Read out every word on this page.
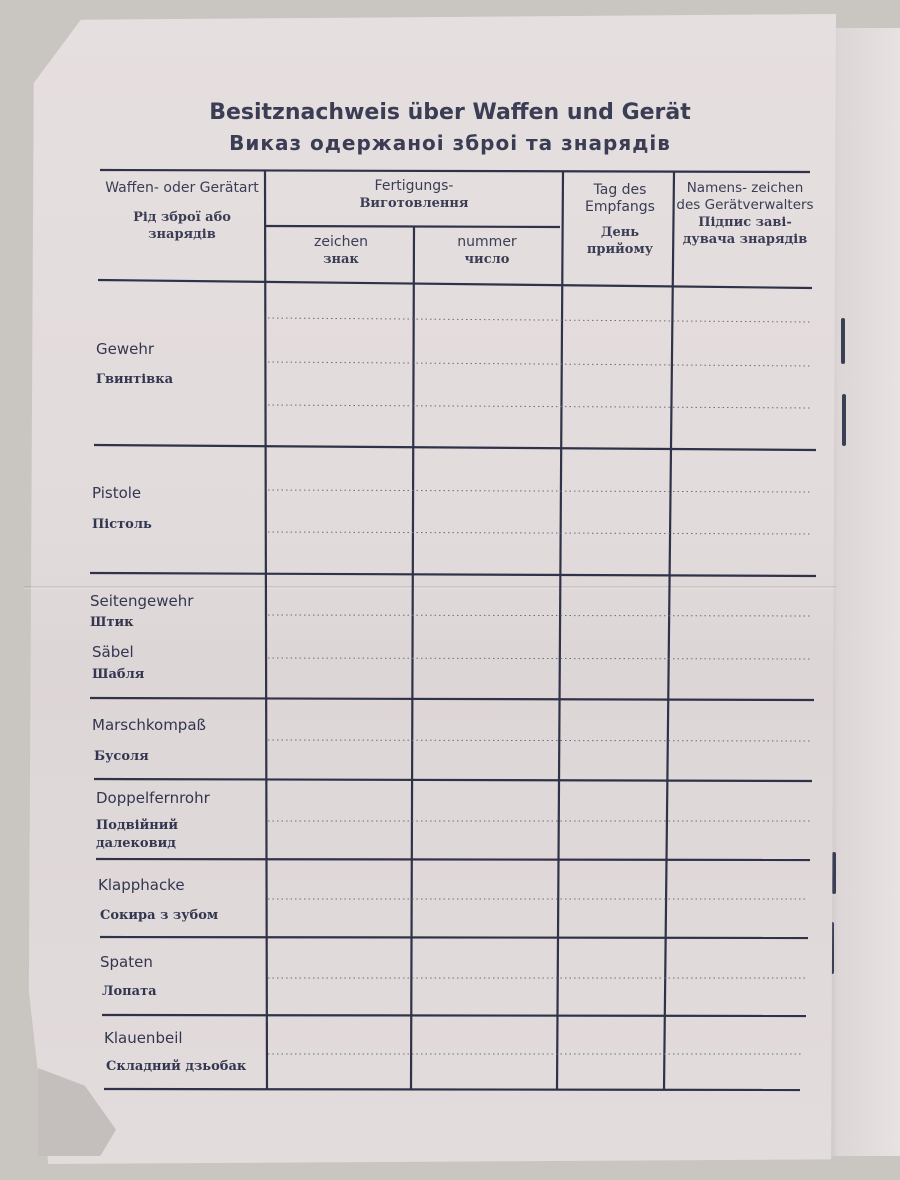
Besitznachweis über Waffen und Gerät
Виказ одержаноі зброі та знарядів
Waffen- oder Gerätart
Рід зброї або знарядів
Fertigungs-
Виготовлення
zeichen
знак
nummer
число
Tag des Empfangs
День прийому
Namens- zeichen des Gerätverwalters
Підпис заві- дувача знарядів
Gewehr
Гвинтівка
Pistole
Пістоль
Seitengewehr
Штик
Säbel
Шабля
Marschkompaß
Бусоля
Doppelfernrohr
Подвійний далековид
Klapphacke
Сокира з зубом
Spaten
Лопата
Klauenbeil
Складний дзьобак
